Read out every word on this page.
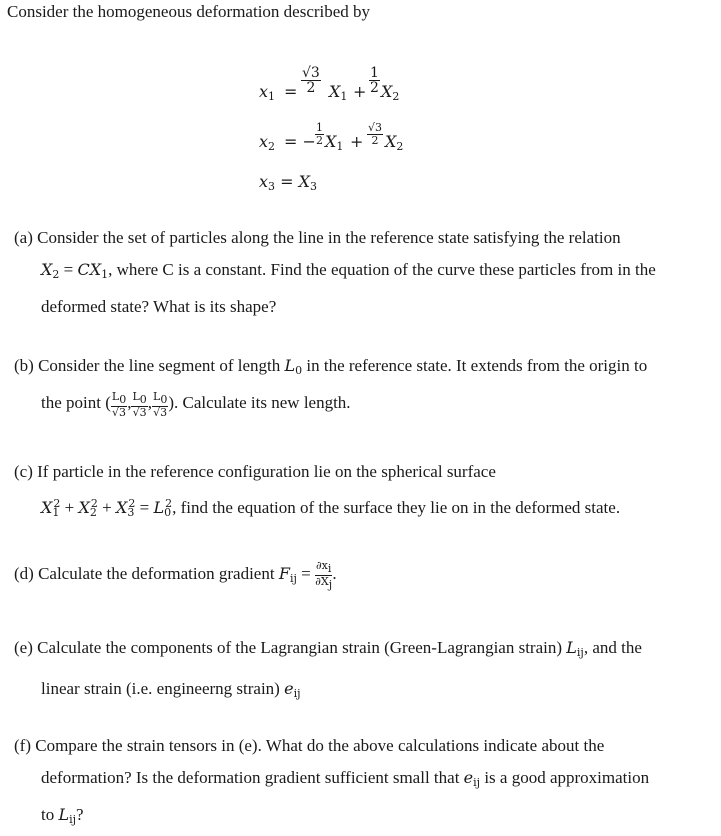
Consider the homogeneous deformation described by
$x_1 = \frac{√3}{2} X_1 + \frac{1}{2} X_2$
$x_2$ = − $\frac{1}{2} X_1 + \frac{√3}{2} X_2$
$x_3 = X_3$
(a) Consider the set of particles along the line in the reference state satisfying the relation
$X_2 = CX_1$, where C is a constant. Find the equation of the curve these particles from in the
deformed state? What is its shape?
(b) Consider the line segment of length $L_0$ in the reference state. It extends from the origin to
the point ( $\frac{L0}{√3}$ , $\frac{L0}{√3}$ , $\frac{L0}{√3}$ ). Calculate its new length.
(c) If particle in the reference configuration lie on the spherical surface
$X_1^2 + X_2^2 + X_3^2 = L_0^2$, find the equation of the surface they lie on in the deformed state.
(d) Calculate the deformation gradient $F_{ij} = \frac{\partial xi}{\partial Xj}$ .
(e) Calculate the components of the Lagrangian strain (Green-Lagrangian strain) $L_{ij}$, and the
linear strain (i.e. engineerng strain) $e_{ij}$
(f) Compare the strain tensors in (e). What do the above calculations indicate about the
deformation? Is the deformation gradient sufficient small that $e_{ij}$ is a good approximation
to $L_{ij}$?
